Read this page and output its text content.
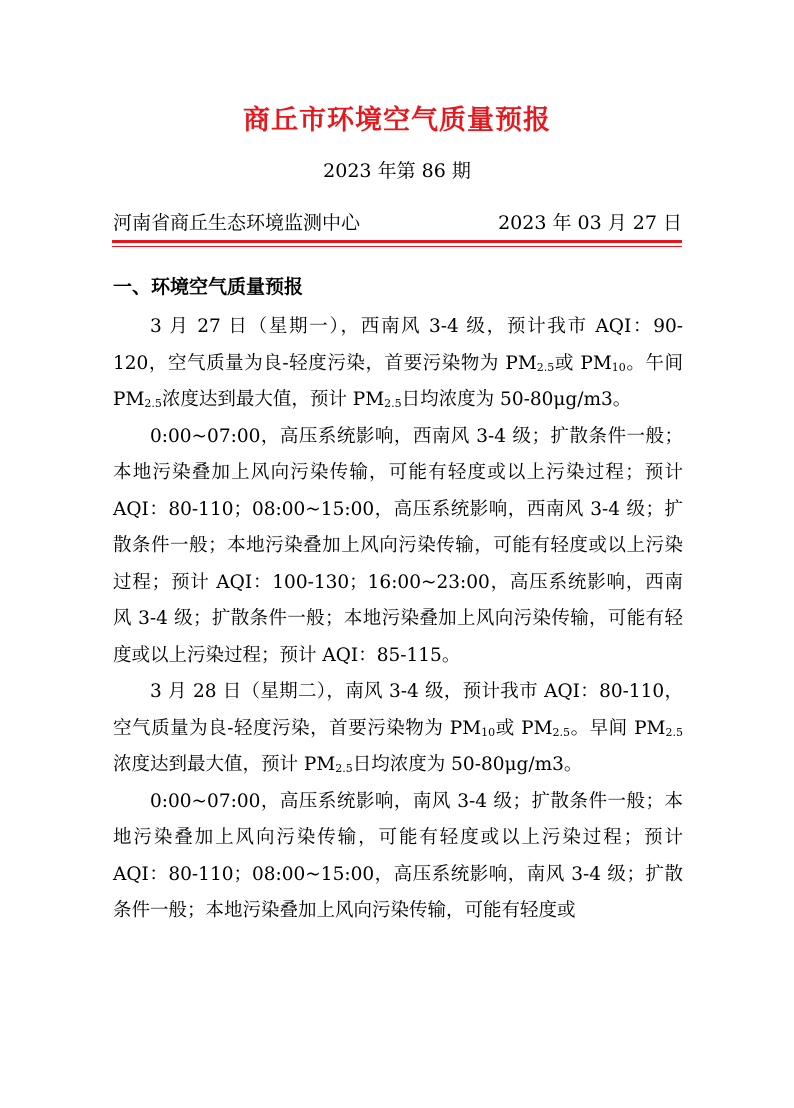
商丘市环境空气质量预报
2023 年第 86 期
河南省商丘生态环境监测中心	2023 年 03 月 27 日
一、环境空气质量预报

3 月 27 日（星期一），西南风 3-4 级，预计我市 AQI：90-120，空气质量为良-轻度污染，首要污染物为 $PM_{2.5}$或 $PM_{10}$。午间 $PM_{2.5}$浓度达到最大值，预计 $PM_{2.5}$日均浓度为 50-80μg/m3。

0:00~07:00，高压系统影响，西南风 3-4 级；扩散条件一般；本地污染叠加上风向污染传输，可能有轻度或以上污染过程；预计 AQI：80-110；08:00~15:00，高压系统影响，西南风 3-4 级；扩散条件一般；本地污染叠加上风向污染传输，可能有轻度或以上污染过程；预计 AQI：100-130；16:00~23:00，高压系统影响，西南风 3-4 级；扩散条件一般；本地污染叠加上风向污染传输，可能有轻度或以上污染过程；预计 AQI：85-115。

3 月 28 日（星期二），南风 3-4 级，预计我市 AQI：80-110，空气质量为良-轻度污染，首要污染物为 $PM_{10}$或 $PM_{2.5}$。早间 $PM_{2.5}$浓度达到最大值，预计 $PM_{2.5}$日均浓度为 50-80μg/m3。

0:00~07:00，高压系统影响，南风 3-4 级；扩散条件一般；本地污染叠加上风向污染传输，可能有轻度或以上污染过程；预计 AQI：80-110；08:00~15:00，高压系统影响，南风 3-4 级；扩散条件一般；本地污染叠加上风向污染传输，可能有轻度或
